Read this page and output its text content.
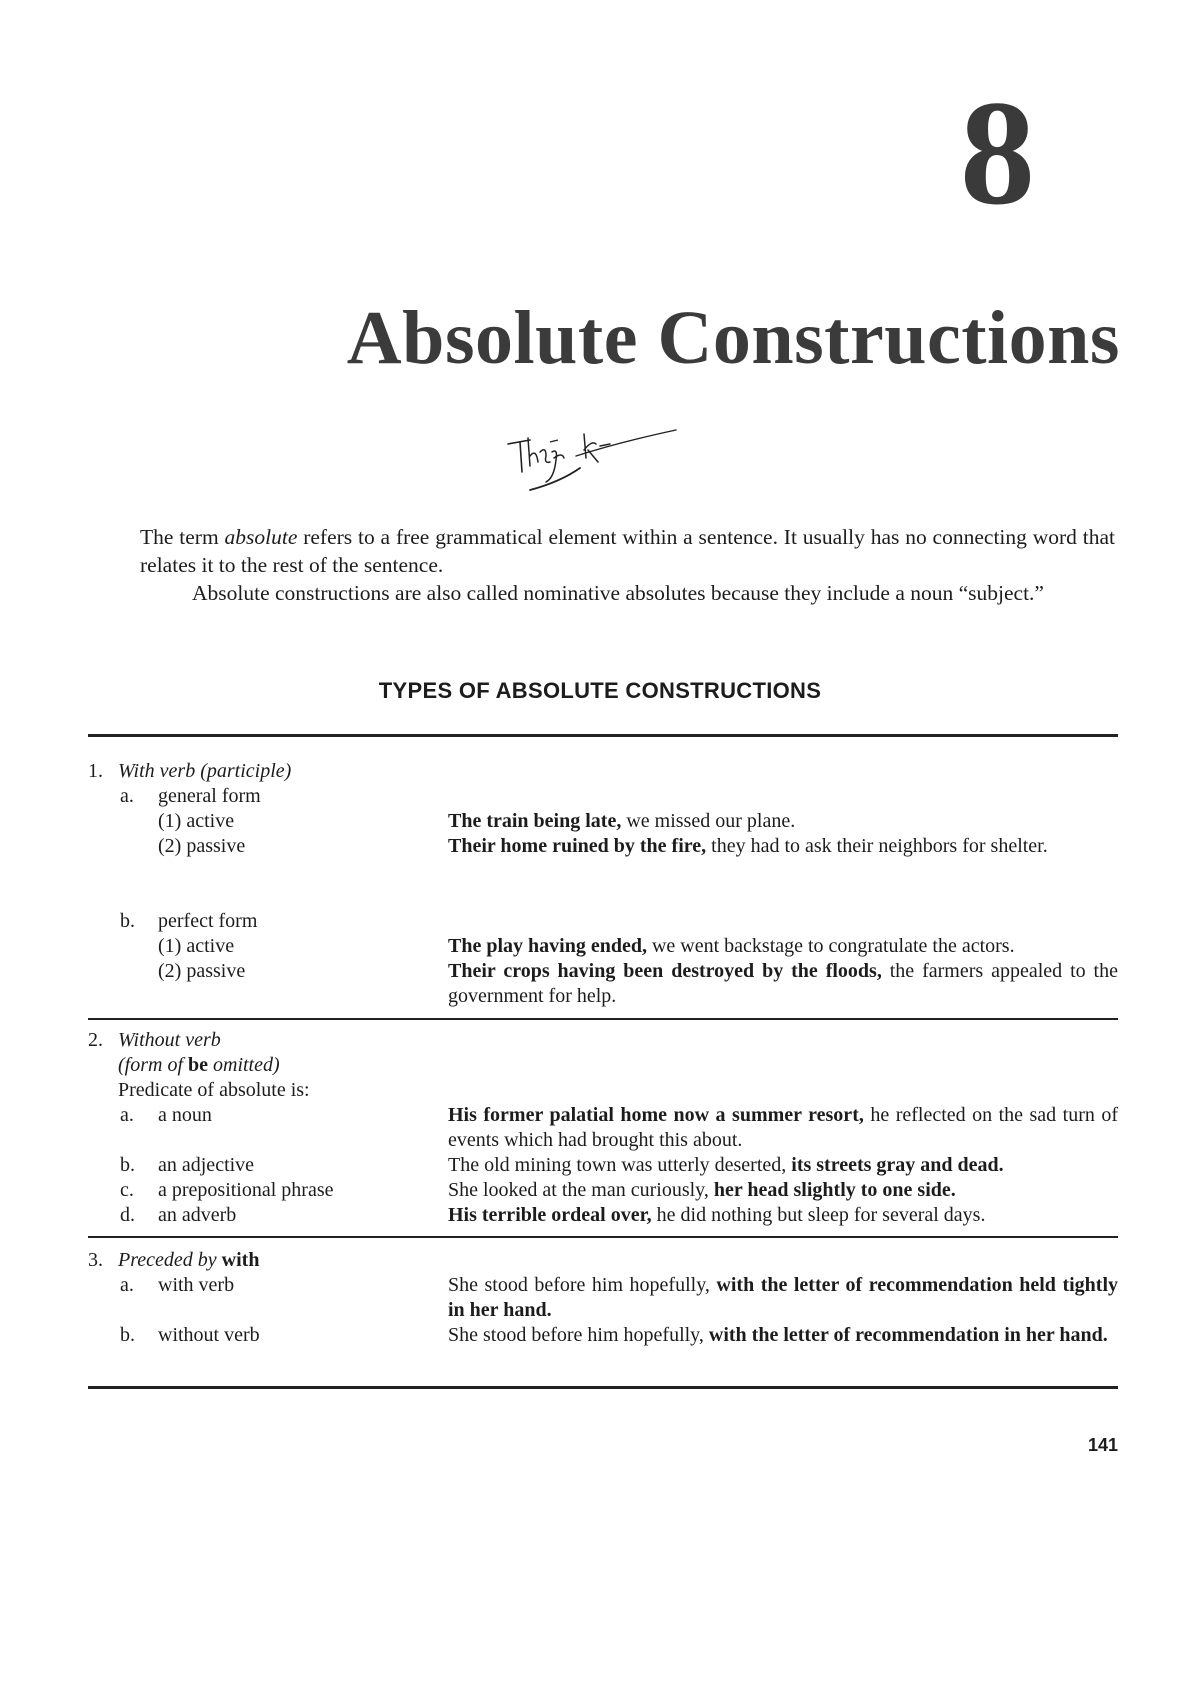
8
Absolute Constructions

The term absolute refers to a free grammatical element within a sentence. It usually has no connecting word that relates it to the rest of the sentence.

Absolute constructions are also called nominative absolutes because they include a noun “subject.”

TYPES OF ABSOLUTE CONSTRUCTIONS
1. With verb (participle)
a. general form
(1) active	The train being late, we missed our plane.
(2) passive	Their home ruined by the fire, they had to ask their neighbors for shelter.
b. perfect form
(1) active	The play having ended, we went backstage to congratulate the actors.
(2) passive	Their crops having been destroyed by the floods, the farmers appealed to the government for help.
2. Without verb
(form of be omitted)
Predicate of absolute is:
a. a noun	His former palatial home now a summer resort, he reflected on the sad turn of events which had brought this about.
b. an adjective	The old mining town was utterly deserted, its streets gray and dead.
c. a prepositional phrase	She looked at the man curiously, her head slightly to one side.
d. an adverb	His terrible ordeal over, he did nothing but sleep for several days.
3. Preceded by with
a. with verb	She stood before him hopefully, with the letter of recommendation held tightly in her hand.
b. without verb	She stood before him hopefully, with the letter of recommendation in her hand.
141
